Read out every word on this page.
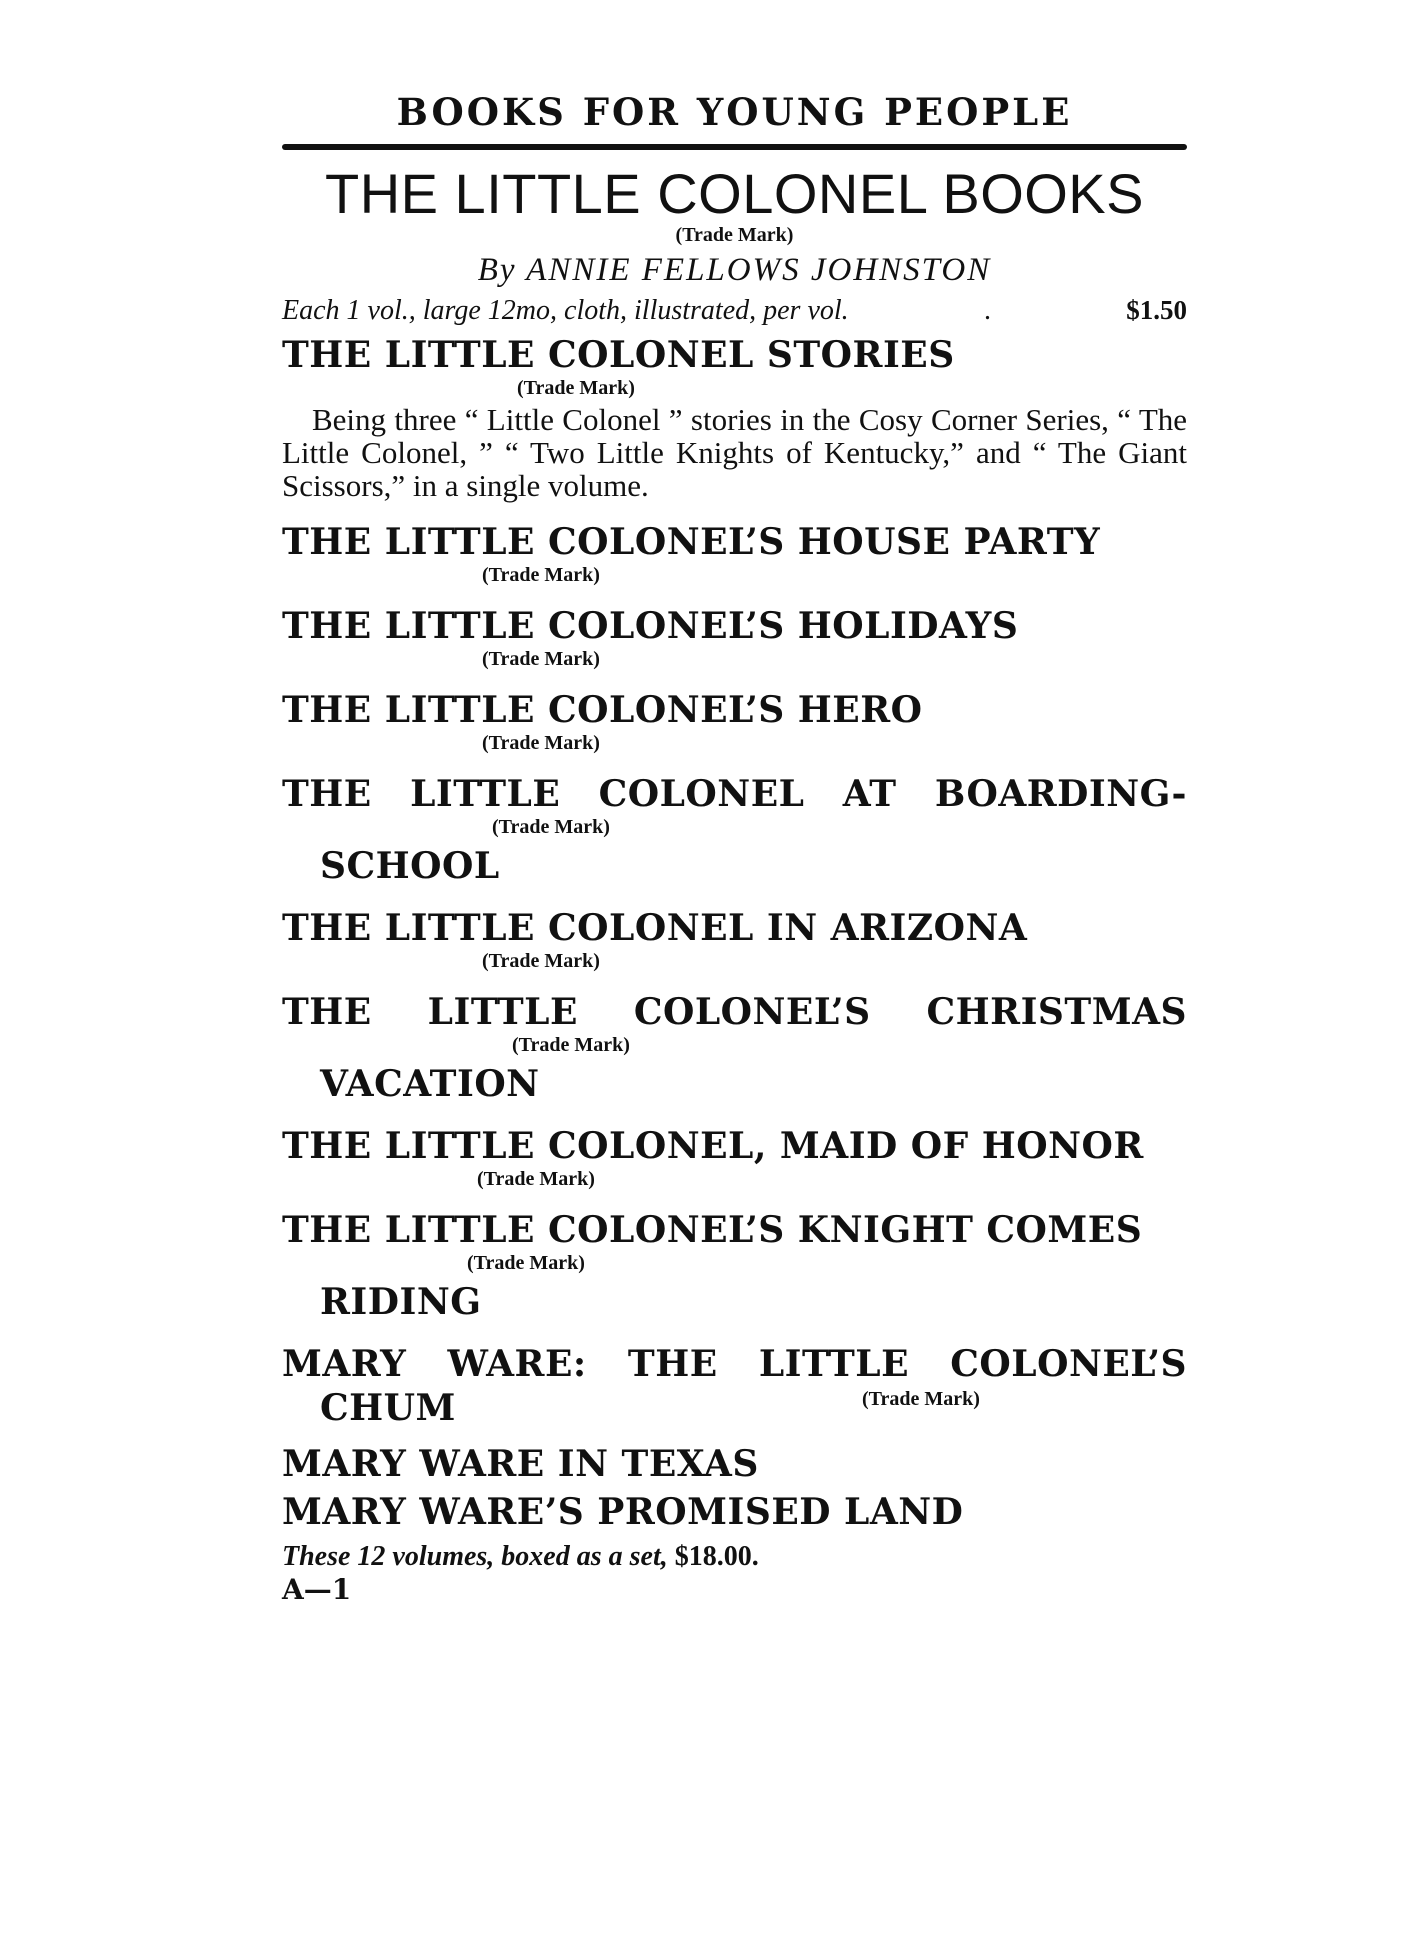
BOOKS FOR YOUNG PEOPLE
THE LITTLE COLONEL BOOKS
(Trade Mark)
By ANNIE FELLOWS JOHNSTON
Each 1 vol., large 12mo, cloth, illustrated, per vol.	.	$1.50
THE LITTLE COLONEL STORIES
(Trade Mark)
Being three “ Little Colonel ” stories in the Cosy Corner Series, “ The Little Colonel, ” “ Two Little Knights of Kentucky,” and “ The Giant Scissors,” in a single volume.
THE LITTLE COLONEL’S HOUSE PARTY
(Trade Mark)
THE LITTLE COLONEL’S HOLIDAYS
(Trade Mark)
THE LITTLE COLONEL’S HERO
(Trade Mark)
THE LITTLE COLONEL AT BOARDING-
(Trade Mark)
SCHOOL
THE LITTLE COLONEL IN ARIZONA
(Trade Mark)
THE LITTLE COLONEL’S CHRISTMAS
(Trade Mark)
VACATION
THE LITTLE COLONEL, MAID OF HONOR
(Trade Mark)
THE LITTLE COLONEL’S KNIGHT COMES
(Trade Mark)
RIDING
MARY WARE: THE LITTLE COLONEL’S
CHUM	(Trade Mark)
MARY WARE IN TEXAS
MARY WARE’S PROMISED LAND
These 12 volumes, boxed as a set, $18.00.
A—1
